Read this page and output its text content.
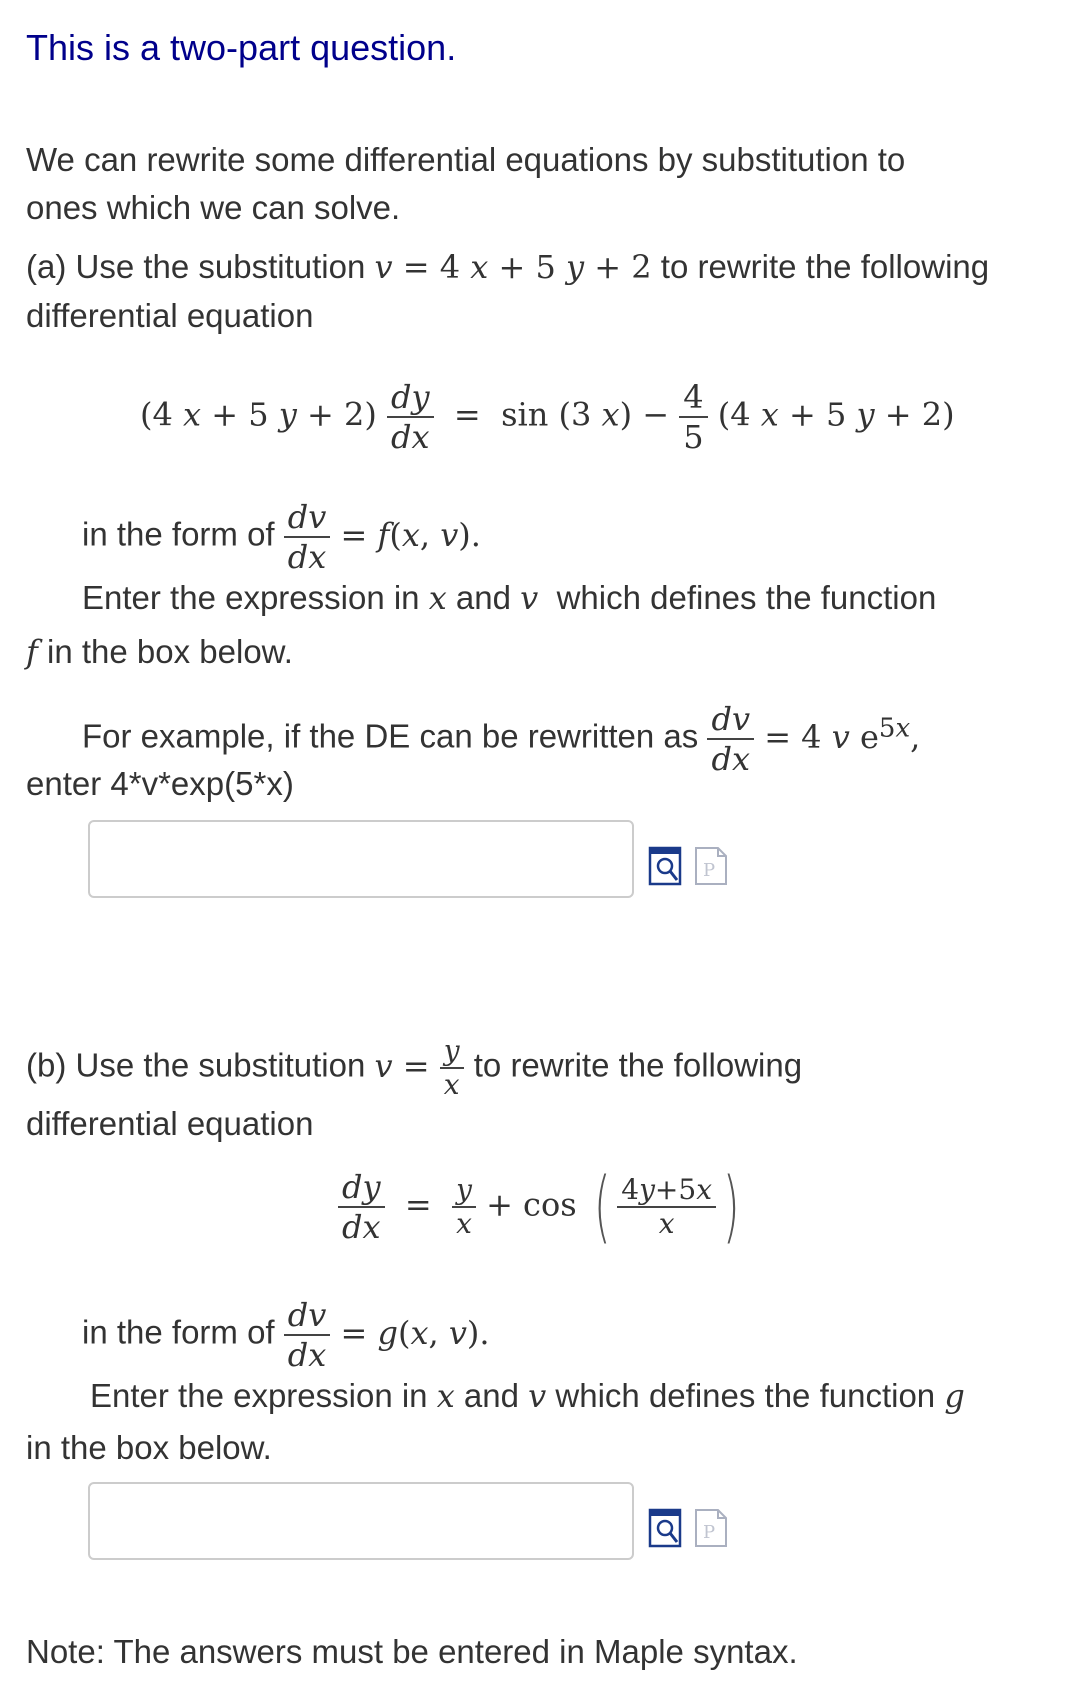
This is a two-part question.
We can rewrite some differential equations by substitution to
ones which we can solve.
(a) Use the substitution v = 4 x + 5 y + 2 to rewrite the following
differential equation
(4 x + 5 $y + 2) \frac{dy}{dx} = \sin (3$ $x) - \frac{4}{5} (4$ x + 5 y + 2)
in the form of $\frac{dv}{dx} = f(x$, v).
Enter the expression in x and v which defines the function
f in the box below.
For example, if the DE can be rewritten as $\frac{dv}{dx} = 4$ v $e^{5x}$,
enter 4*v*exp(5*x)
P
(b) Use the substitution $v = \frac{y}{x}$ to rewrite the following
differential equation
$\frac{dy}{dx} = \frac{y}{x} + \cos$ ( $\frac{4y+5x}{x}$ )
in the form of $\frac{dv}{dx} = g(x$, v).
Enter the expression in x and v which defines the function g
in the box below.
P
Note: The answers must be entered in Maple syntax.
